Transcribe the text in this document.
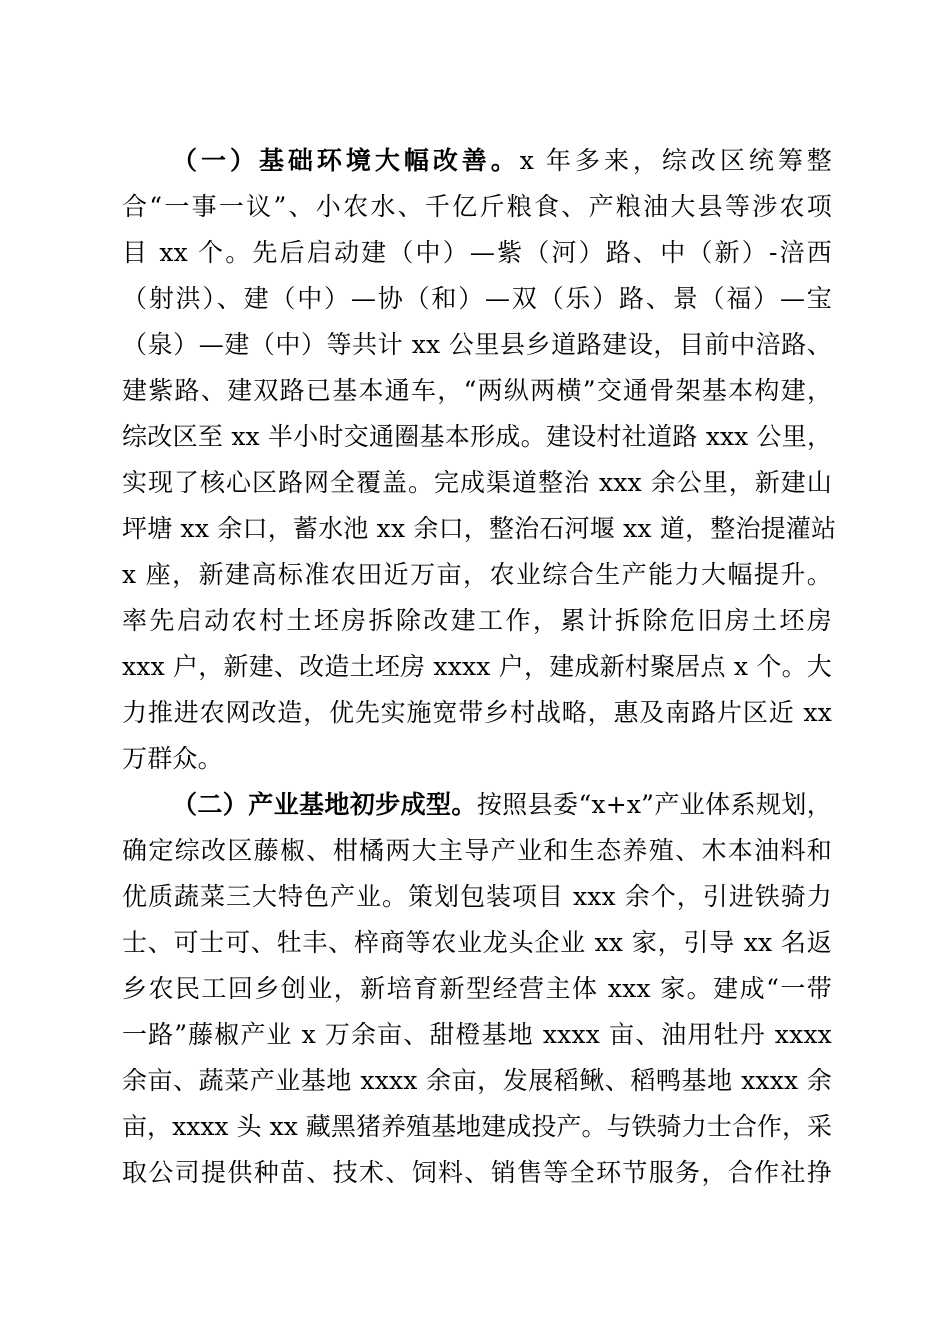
（一）基础环境大幅改善。x 年多来，综改区统筹整
合“一事一议”、小农水、千亿斤粮食、产粮油大县等涉农项
目 xx 个。先后启动建（中）—紫（河）路、中（新）-涪西
（射洪）、建（中）—协（和）—双（乐）路、景（福）—宝
（泉）—建（中）等共计 xx 公里县乡道路建设，目前中涪路、
建紫路、建双路已基本通车，“两纵两横”交通骨架基本构建，
综改区至 xx 半小时交通圈基本形成。建设村社道路 xxx 公里，
实现了核心区路网全覆盖。完成渠道整治 xxx 余公里，新建山
坪塘 xx 余口，蓄水池 xx 余口，整治石河堰 xx 道，整治提灌站
x 座，新建高标准农田近万亩，农业综合生产能力大幅提升。
率先启动农村土坯房拆除改建工作，累计拆除危旧房土坯房
xxx 户，新建、改造土坯房 xxxx 户，建成新村聚居点 x 个。大
力推进农网改造，优先实施宽带乡村战略，惠及南路片区近 xx
万群众。
（二）产业基地初步成型。按照县委“x+x”产业体系规划，
确定综改区藤椒、柑橘两大主导产业和生态养殖、木本油料和
优质蔬菜三大特色产业。策划包装项目 xxx 余个，引进铁骑力
士、可士可、牡丰、梓商等农业龙头企业 xx 家，引导 xx 名返
乡农民工回乡创业，新培育新型经营主体 xxx 家。建成“一带
一路”藤椒产业 x 万余亩、甜橙基地 xxxx 亩、油用牡丹 xxxx
余亩、蔬菜产业基地 xxxx 余亩，发展稻鳅、稻鸭基地 xxxx 余
亩，xxxx 头 xx 藏黑猪养殖基地建成投产。与铁骑力士合作，采
取公司提供种苗、技术、饲料、销售等全环节服务，合作社挣
